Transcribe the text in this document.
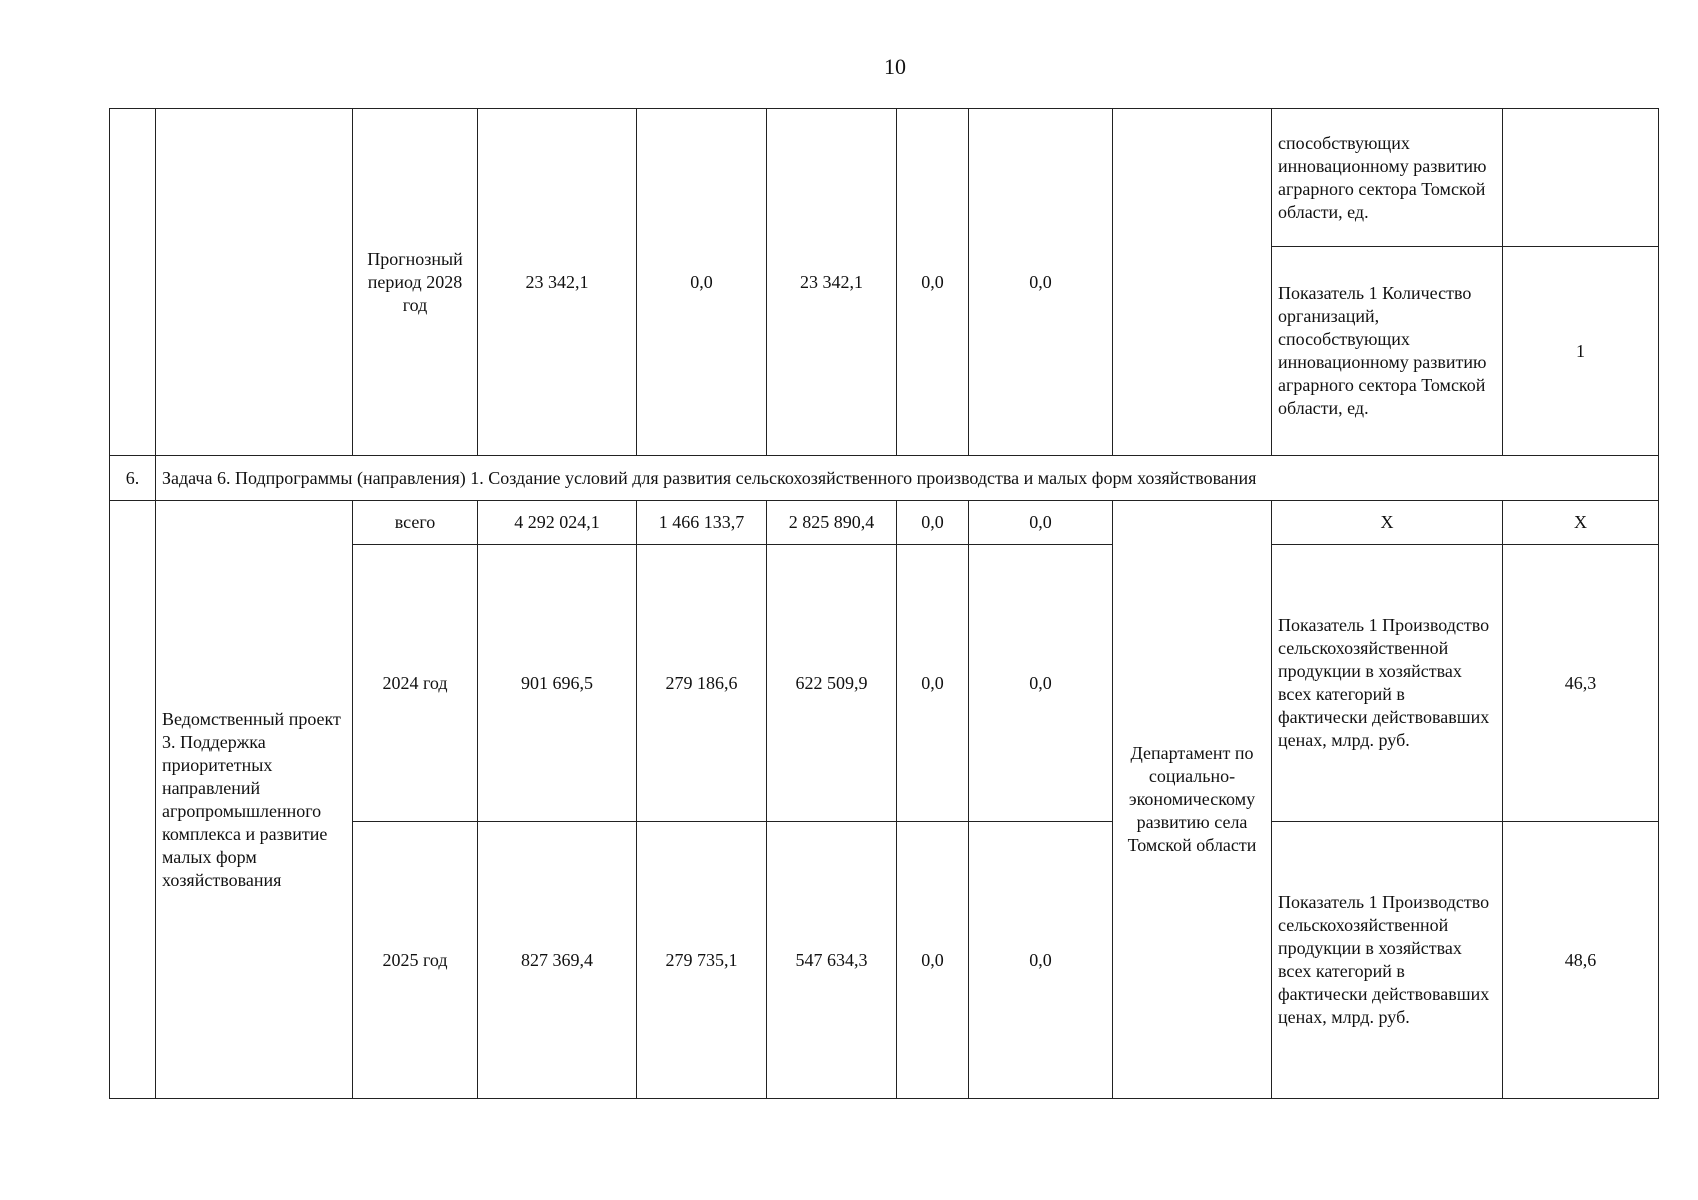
10
		Прогнозный период 2028 год	23 342,1	0,0	23 342,1	0,0	0,0		способствующих инновационному развитию аграрного сектора Томской области, ед.	
									Показатель 1 Количество организаций, способствующих инновационному развитию аграрного сектора Томской области, ед.	1
6.	Задача 6. Подпрограммы (направления) 1. Создание условий для развития сельскохозяйственного производства и малых форм хозяйствования									
	Ведомственный проект 3. Поддержка приоритетных направлений агропромышленного комплекса и развитие малых форм хозяйствования	всего	4 292 024,1	1 466 133,7	2 825 890,4	0,0	0,0	Департамент по социально-экономическому развитию села Томской области	Х	Х
		2024 год	901 696,5	279 186,6	622 509,9	0,0	0,0		Показатель 1 Производство сельскохозяйственной продукции в хозяйствах всех категорий в фактически действовавших ценах, млрд. руб.	46,3
		2025 год	827 369,4	279 735,1	547 634,3	0,0	0,0		Показатель 1 Производство сельскохозяйственной продукции в хозяйствах всех категорий в фактически действовавших ценах, млрд. руб.	48,6
